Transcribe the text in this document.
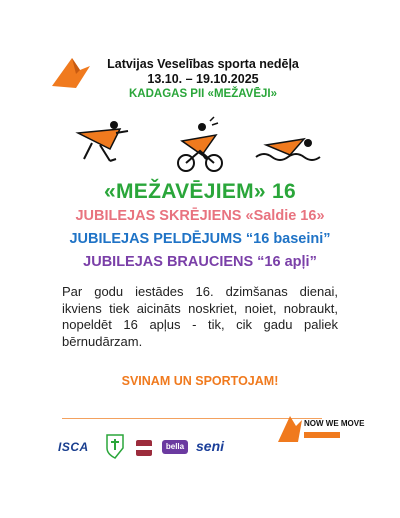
Latvijas Veselības sporta nedēļa
13.10. – 19.10.2025
KADAGAS PII «MEŽAVĒJI»
«MEŽAVĒJIEM» 16
JUBILEJAS SKRĒJIENS «Saldie 16»
JUBILEJAS PELDĒJUMS “16 baseini”
JUBILEJAS BRAUCIENS “16 apļi”

Par godu iestādes 16. dzimšanas dienai, ikviens tiek aicināts noskriet, noiet, nobraukt, nopeldēt 16 apļus - tik, cik gadu paliek bērnudārzam.

SVINAM UN SPORTOJAM!
NOW WE MOVE
ISCA	bella seni
